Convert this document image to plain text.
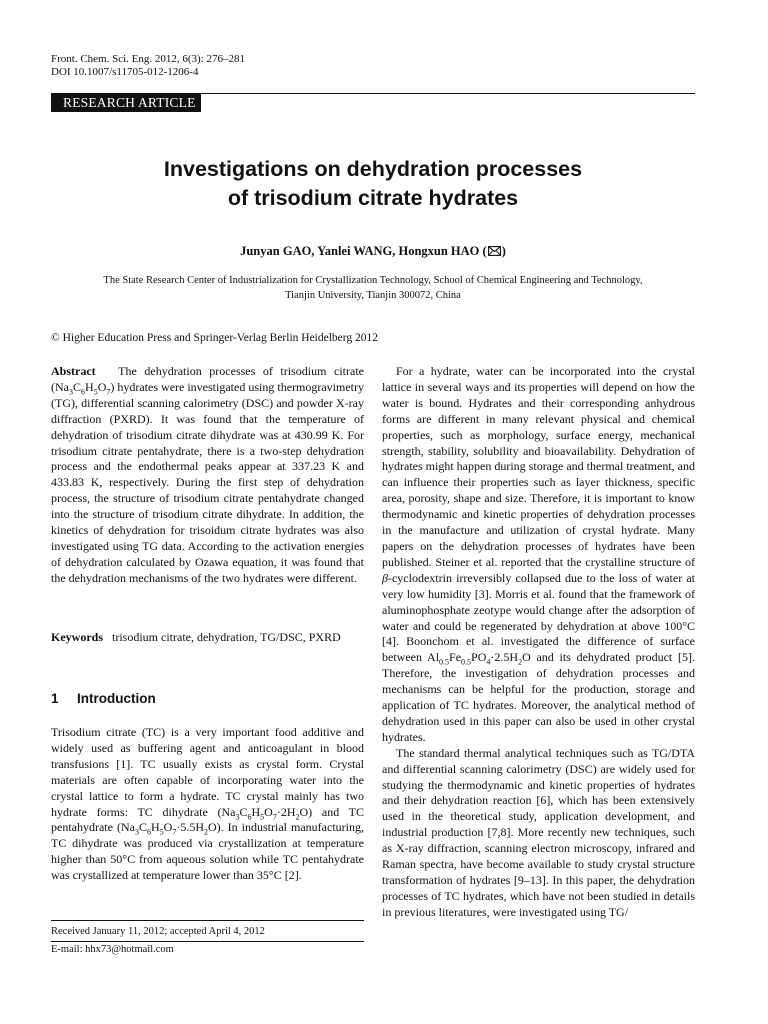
Front. Chem. Sci. Eng. 2012, 6(3): 276–281
DOI 10.1007/s11705-012-1206-4
RESEARCH ARTICLE
Investigations on dehydration processes
of trisodium citrate hydrates
Junyan GAO, Yanlei WANG, Hongxun HAO ( )
The State Research Center of Industrialization for Crystallization Technology, School of Chemical Engineering and Technology,
Tianjin University, Tianjin 300072, China
© Higher Education Press and Springer-Verlag Berlin Heidelberg 2012

Abstract The dehydration processes of trisodium citrate $(Na_3C_6H_5O_7)$ hydrates were investigated using thermogravimetry (TG), differential scanning calorimetry (DSC) and powder X-ray diffraction (PXRD). It was found that the temperature of dehydration of trisodium citrate dihydrate was at 430.99 K. For trisodium citrate pentahydrate, there is a two-step dehydration process and the endothermal peaks appear at 337.23 K and 433.83 K, respectively. During the first step of dehydration process, the structure of trisodium citrate pentahydrate changed into the structure of trisodium citrate dihydrate. In addition, the kinetics of dehydration for trisoidum citrate hydrates was also investigated using TG data. According to the activation energies of dehydration calculated by Ozawa equation, it was found that the dehydration mechanisms of the two hydrates were different.

Keywords trisodium citrate, dehydration, TG/DSC, PXRD

1 Introduction

Trisodium citrate (TC) is a very important food additive and widely used as buffering agent and anticoagulant in blood transfusions [1]. TC usually exists as crystal form. Crystal materials are often capable of incorporating water into the crystal lattice to form a hydrate. TC crystal mainly has two hydrate forms: TC dihydrate $(Na_3C_6H_5O_7\cdot 2H_2O)$ and TC pentahydrate $(Na_3C_6H_5O_7\cdot 5.5H_2O)$. In industrial manufacturing, TC dihydrate was produced via crystallization at temperature higher than 50°C from aqueous solution while TC pentahydrate was crystallized at temperature lower than 35°C [2].

Received January 11, 2012; accepted April 4, 2012
E-mail: hhx73@hotmail.com

For a hydrate, water can be incorporated into the crystal lattice in several ways and its properties will depend on how the water is bound. Hydrates and their corresponding anhydrous forms are different in many relevant physical and chemical properties, such as morphology, surface energy, mechanical strength, stability, solubility and bioavailability. Dehydration of hydrates might happen during storage and thermal treatment, and can influence their properties such as layer thickness, specific area, porosity, shape and size. Therefore, it is important to know thermodynamic and kinetic properties of dehydration processes in the manufacture and utilization of crystal hydrate. Many papers on the dehydration processes of hydrates have been published. Steiner et al. reported that the crystalline structure of β-cyclodextrin irreversibly collapsed due to the loss of water at very low humidity [3]. Morris et al. found that the framework of aluminophosphate zeotype would change after the adsorption of water and could be regenerated by dehydration at above 100°C [4]. Boonchom et al. investigated the difference of surface between $Al_{0.5}Fe_{0.5}PO_4\cdot 2.5H_2O$ and its dehydrated product [5]. Therefore, the investigation of dehydration processes and mechanisms can be helpful for the production, storage and application of TC hydrates. Moreover, the analytical method of dehydration used in this paper can also be used in other crystal hydrates.

The standard thermal analytical techniques such as TG/DTA and differential scanning calorimetry (DSC) are widely used for studying the thermodynamic and kinetic properties of hydrates and their dehydration reaction [6], which has been extensively used in the theoretical study, application development, and industrial production [7,8]. More recently new techniques, such as X-ray diffraction, scanning electron microscopy, infrared and Raman spectra, have become available to study crystal structure transformation of hydrates [9–13]. In this paper, the dehydration processes of TC hydrates, which have not been studied in details in previous literatures, were investigated using TG/
